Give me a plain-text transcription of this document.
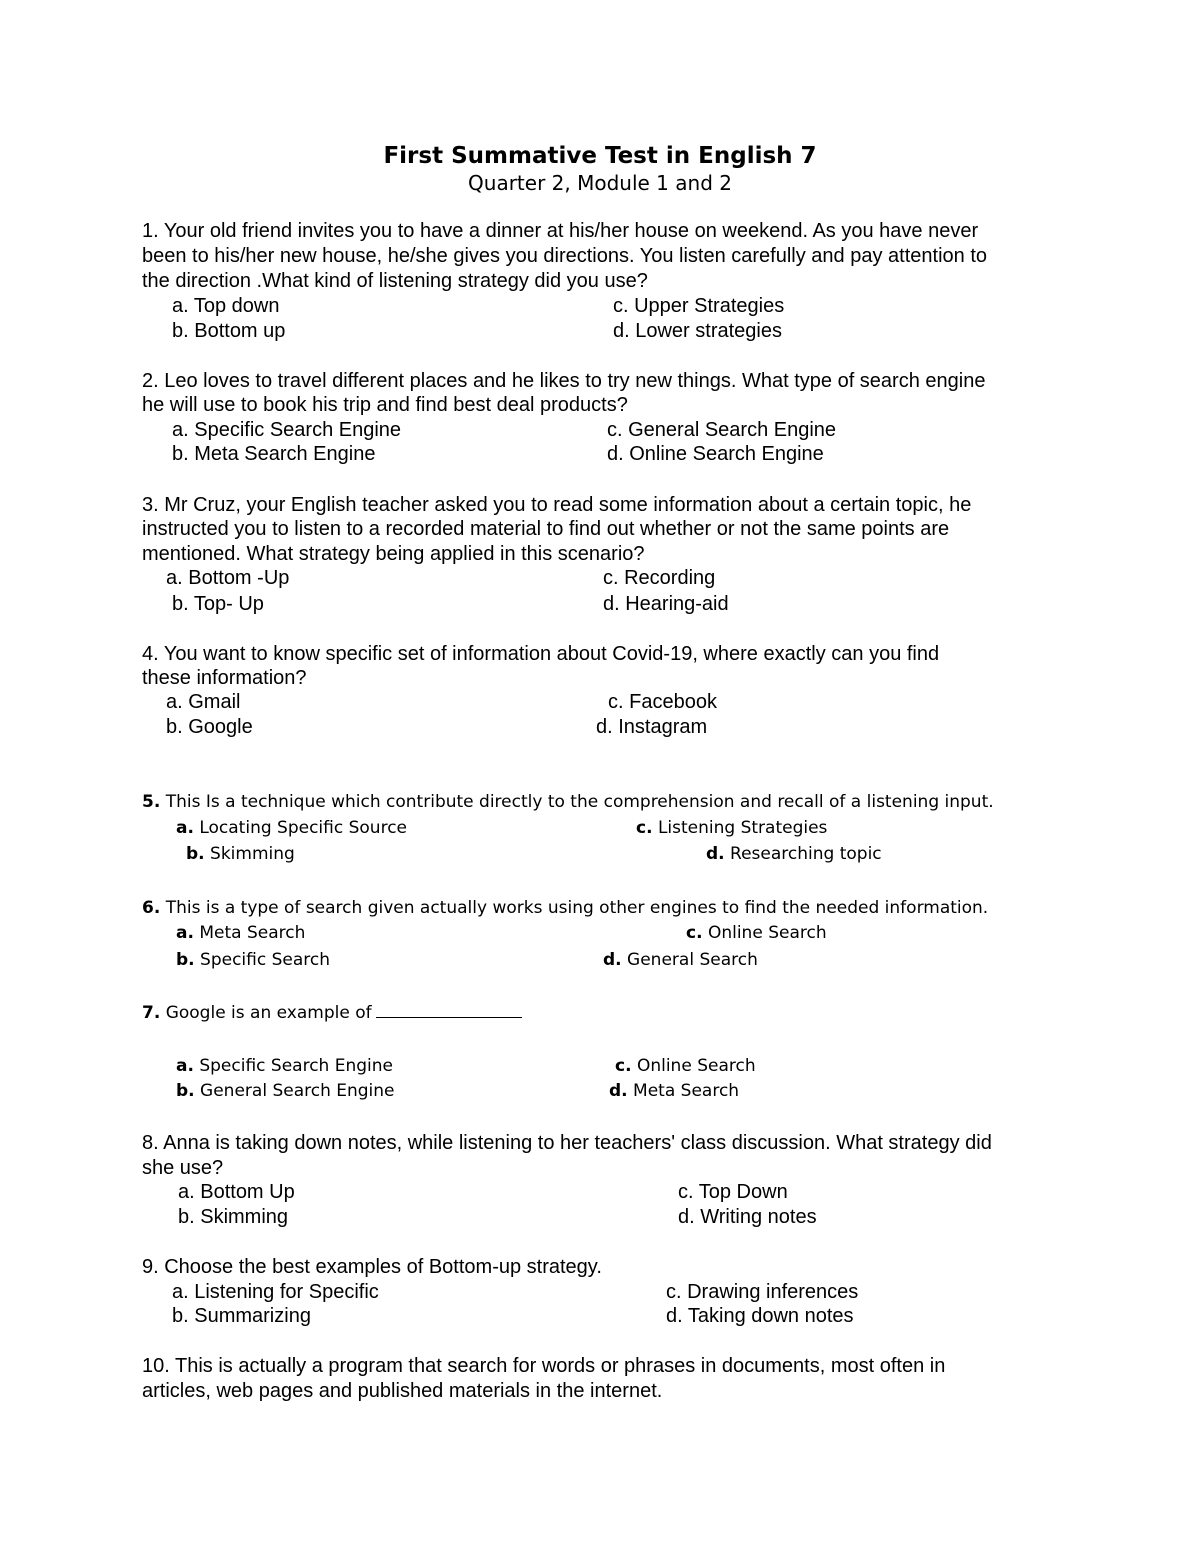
First Summative Test in English 7
Quarter 2, Module 1 and 2
1. Your old friend invites you to have a dinner at his/her house on weekend. As you have never
been to his/her new house, he/she gives you directions. You listen carefully and pay attention to
the direction .What kind of listening strategy did you use?
a. Top down
b. Bottom up
c. Upper Strategies
d. Lower strategies
2. Leo loves to travel different places and he likes to try new things. What type of search engine
he will use to book his trip and find best deal products?
a. Specific Search Engine
b. Meta Search Engine
c. General Search Engine
d. Online Search Engine
3. Mr Cruz, your English teacher asked you to read some information about a certain topic, he
instructed you to listen to a recorded material to find out whether or not the same points are
mentioned. What strategy being applied in this scenario?
a. Bottom -Up
b. Top- Up
c. Recording
d. Hearing-aid
4. You want to know specific set of information about Covid-19, where exactly can you find
these information?
a. Gmail
b. Google
c. Facebook
d. Instagram
5. This Is a technique which contribute directly to the comprehension and recall of a listening input.
a. Locating Specific Source
b. Skimming
c. Listening Strategies
d. Researching topic
6. This is a type of search given actually works using other engines to find the needed information.
a. Meta Search
b. Specific Search
c. Online Search
d. General Search
7. Google is an example of
a. Specific Search Engine
b. General Search Engine
c. Online Search
d. Meta Search
8. Anna is taking down notes, while listening to her teachers' class discussion. What strategy did
she use?
a. Bottom Up
b. Skimming
c. Top Down
d. Writing notes
9. Choose the best examples of Bottom-up strategy.
a. Listening for Specific
b. Summarizing
c. Drawing inferences
d. Taking down notes
10. This is actually a program that search for words or phrases in documents, most often in
articles, web pages and published materials in the internet.
